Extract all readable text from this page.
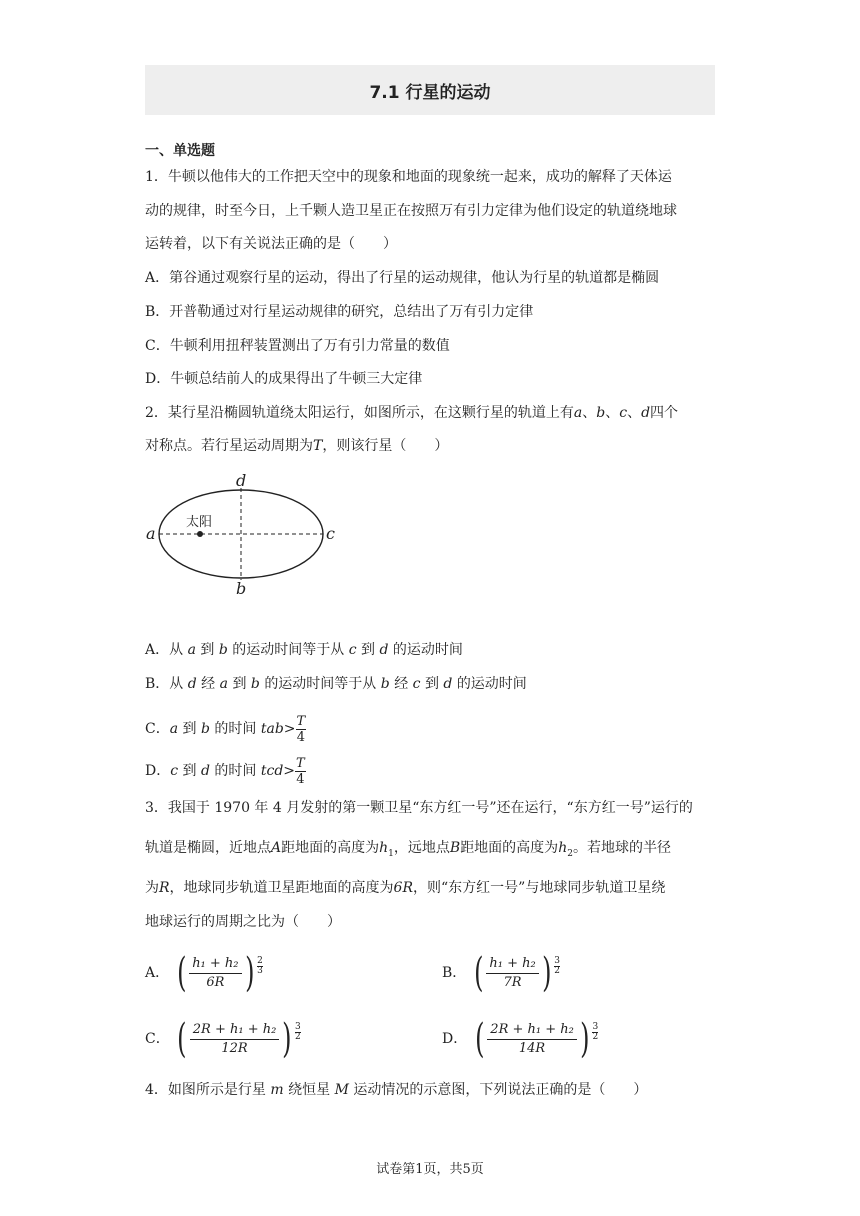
7.1 行星的运动
一、单选题
1．牛顿以他伟大的工作把天空中的现象和地面的现象统一起来，成功的解释了天体运
动的规律，时至今日，上千颗人造卫星正在按照万有引力定律为他们设定的轨道绕地球
运转着，以下有关说法正确的是（　　）
A．第谷通过观察行星的运动，得出了行星的运动规律，他认为行星的轨道都是椭圆
B．开普勒通过对行星运动规律的研究，总结出了万有引力定律
C．牛顿利用扭秤装置测出了万有引力常量的数值
D．牛顿总结前人的成果得出了牛顿三大定律
2．某行星沿椭圆轨道绕太阳运行，如图所示，在这颗行星的轨道上有a、b、c、d四个
对称点。若行星运动周期为T，则该行星（　　）
太阳
a	c
d
b
A．从 a 到 b 的运动时间等于从 c 到 d 的运动时间
B．从 d 经 a 到 b 的运动时间等于从 b 经 c 到 d 的运动时间
C．a 到 b 的时间 $tab> \frac{T}{4}$
D．c 到 d 的时间 $tcd> \frac{T}{4}$
3．我国于 1970 年 4 月发射的第一颗卫星“东方红一号”还在运行，“东方红一号”运行的
轨道是椭圆，近地点A距地面的高度为$h_1$，远地点B距地面的高度为$h_2$。若地球的半径
为R，地球同步轨道卫星距地面的高度为6R，则“东方红一号”与地球同步轨道卫星绕
地球运行的周期之比为（　　）
A． ( h₁ + h₂
6R ) 2
3	B． ( h₁ + h₂
7R ) 3
2
C． ( 2R + h₁ + h₂
12R ) 3
2	D． ( 2R + h₁ + h₂
14R ) 3
2
4．如图所示是行星 m 绕恒星 M 运动情况的示意图，下列说法正确的是（　　）
试卷第1页，共5页
